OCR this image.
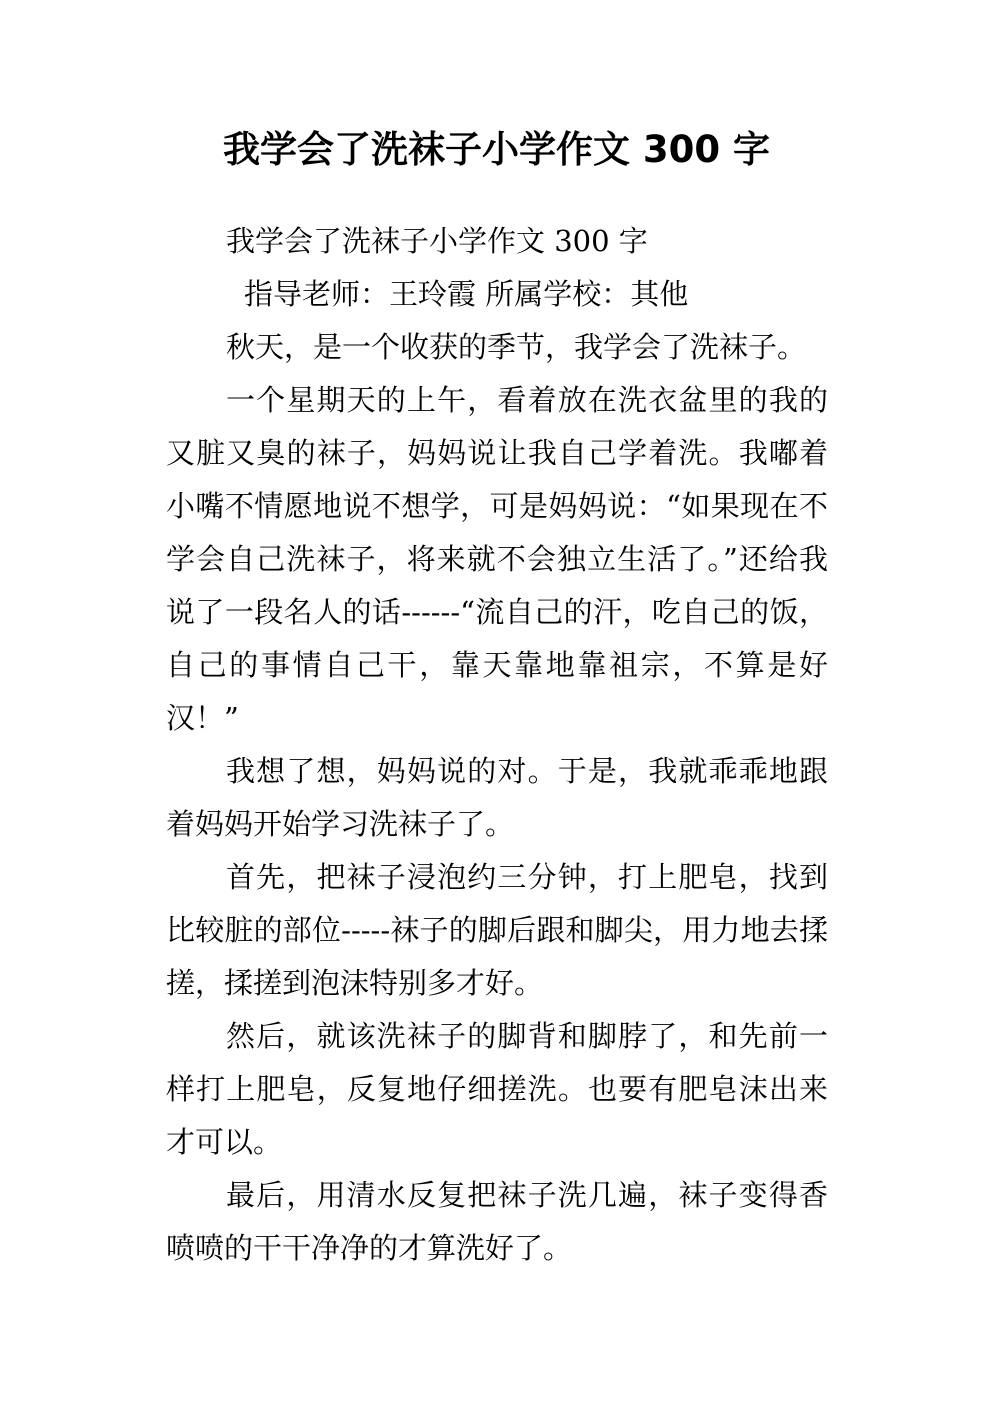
我学会了洗袜子小学作文 300 字

我学会了洗袜子小学作文 300 字

指导老师：王玲霞 所属学校：其他

秋天，是一个收获的季节，我学会了洗袜子。

一个星期天的上午，看着放在洗衣盆里的我的又脏又臭的袜子，妈妈说让我自己学着洗。我嘟着小嘴不情愿地说不想学，可是妈妈说：“如果现在不学会自己洗袜子，将来就不会独立生活了。”还给我说了一段名人的话------“流自己的汗，吃自己的饭，自己的事情自己干，靠天靠地靠祖宗，不算是好汉！”

我想了想，妈妈说的对。于是，我就乖乖地跟着妈妈开始学习洗袜子了。

首先，把袜子浸泡约三分钟，打上肥皂，找到比较脏的部位-----袜子的脚后跟和脚尖，用力地去揉搓，揉搓到泡沫特别多才好。

然后，就该洗袜子的脚背和脚脖了，和先前一样打上肥皂，反复地仔细搓洗。也要有肥皂沫出来才可以。

最后，用清水反复把袜子洗几遍，袜子变得香喷喷的干干净净的才算洗好了。
